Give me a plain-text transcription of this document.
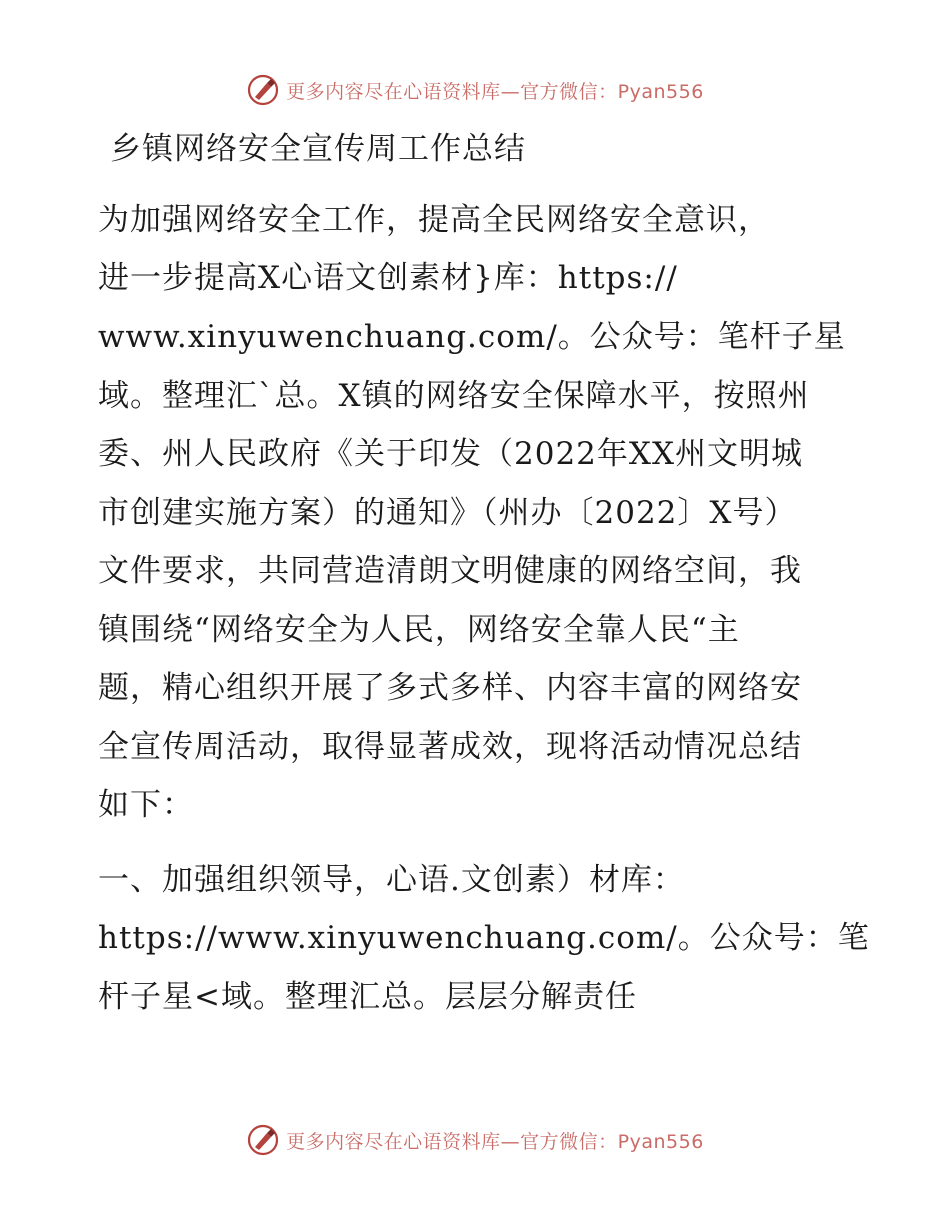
更多内容尽在心语资料库—官方微信：Pyan556
乡镇网络安全宣传周工作总结
为加强网络安全工作，提高全民网络安全意识，
进一步提高X心语文创素材}库：https://
www.xinyuwenchuang.com/。公众号：笔杆子星
域。整理汇`总。X镇的网络安全保障水平，按照州
委、州人民政府《关于印发（2022年XX州文明城
市创建实施方案）的通知》（州办〔2022〕X号）
文件要求，共同营造清朗文明健康的网络空间，我
镇围绕“网络安全为人民，网络安全靠人民“主
题，精心组织开展了多式多样、内容丰富的网络安
全宣传周活动，取得显著成效，现将活动情况总结
如下：
一、加强组织领导，心语.文创素）材库：
https://www.xinyuwenchuang.com/。公众号：笔
杆子星<域。整理汇总。层层分解责任
更多内容尽在心语资料库—官方微信：Pyan556
